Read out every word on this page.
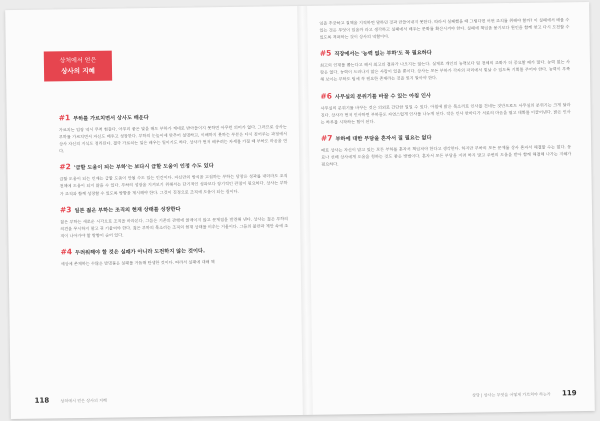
상처에서 얻은
상사의 지혜
#1 부하를 가르치면서 상사도 배운다
가르치는 입장 역시 무척 힘들다. 아무리 좋은 말을 해도 부하가 제대로 받아들이지 못하면 아무런 의미가 없다. 그러므로 상사는 부하를 가르치면서 자신도 배우고 성장한다. 부하의 눈높이에 맞추어 설명하고, 이해하지 못하는 부분은 다시 짚어주는 과정에서 상사 자신의 지식도 정리된다. 결국 가르치는 일은 배우는 일이기도 하다. 상사가 먼저 배우려는 자세를 가질 때 부하도 마음을 연다.
#2 '급할 도움이 되는 부하'는 보다시 급할 도움이 인정 수도 있다
급할 도움이 되는 인재는 급할 도움이 안될 수도 있는 인간이다. 자신만의 방식을 고집하는 부하는 당장은 성과를 내더라도 조직 전체에 도움이 되지 않을 수 있다. 부하의 성장을 지켜보기 위해서는 단기적인 성과보다 장기적인 관점이 필요하다. 상사는 부하가 조직과 함께 성장할 수 있도록 방향을 제시해야 한다. 그것이 진정으로 조직에 도움이 되는 길이다.
#3 일본 젊은 부하는 조직의 현재 상태를 성장한다
젊은 부하는 새로운 시각으로 조직을 바라본다. 그들은 기존의 관행에 얽매이지 않고 문제점을 발견해 낸다. 상사는 젊은 부하의 의견을 무시하지 말고 귀 기울여야 한다. 젊은 부하의 목소리는 조직의 현재 상태를 비추는 거울이다. 그들의 불만과 제안 속에 조직이 나아가야 할 방향이 숨어 있다.
#4 두려워해야 할 것은 실패가 아니라 도전하지 않는 것이다.
세상에 존재하는 수많은 발명품은 실패를 거듭해 탄생한 것이다. 따라서 실패에 대해 책
118	상처에서 얻은 상사의 지혜
임을 추궁하고 질책을 지적하면 말하던 것과 만들어내지 못한다. 따라서 실패했을 때 그렇다면 어떤 조치를 취해야 할까? 이 실패에서 배울 수 있는 것은 무엇이 있을까 라고 생각하고 실패에서 배우는 문화를 확산시켜야 한다. 실패에 책임을 묻기보다 원인을 함께 찾고 다시 도전할 수 있도록 격려하는 것이 상사의 역할이다.
#5 직장에서는 '능력 없는 부하'도 꼭 필요하다
최고의 인재를 뽑는다고 해서 최고의 결과가 나오지는 않는다. 실제로 개인의 능력보다 팀 전체의 조화가 더 중요할 때가 많다. 능력 없는 사람은 없다. 능력이 드러나지 않은 사람이 있을 뿐이다. 상사는 모든 부하가 각자의 자리에서 빛날 수 있도록 기회를 주어야 한다. 능력이 부족해 보이는 부하도 팀에 꼭 필요한 존재라는 것을 잊지 말아야 한다.
#6 사무실의 분위기를 바꿀 수 있는 아침 인사
사무실의 분위기를 바꾸는 것은 의외로 간단한 일일 수 있다. 아침에 밝은 목소리로 인사를 건네는 것만으로도 사무실의 분위기는 크게 달라진다. 상사가 먼저 인사하면 부하들도 자연스럽게 인사를 나누게 된다. 작은 인사 한마디가 서로의 마음을 열고 대화를 이끌어낸다. 밝은 인사는 하루를 시작하는 힘이 된다.
#7 부하에 대한 부담을 혼자서 질 필요는 없다
때로 상사는 자신이 맡고 있는 모든 부하를 혼자서 책임져야 한다고 생각한다. 하지만 부하의 모든 문제를 상사 혼자서 해결할 수는 없다. 동료나 선배 상사에게 도움을 청하는 것도 좋은 방법이다. 혼자서 모든 부담을 지려 하지 말고 주변의 도움을 받아 함께 해결해 나가는 지혜가 필요하다.
상당 | 상사는 무엇을 어떻게 가르쳐야 하는가 119
